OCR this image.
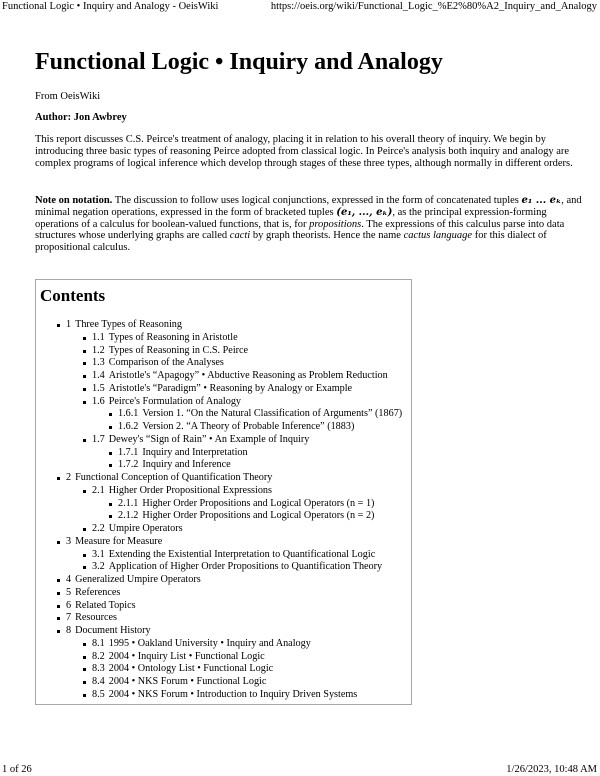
Functional Logic • Inquiry and Analogy - OeisWiki	https://oeis.org/wiki/Functional_Logic_%E2%80%A2_Inquiry_and_Analogy
Functional Logic • Inquiry and Analogy
From OeisWiki
Author: Jon Awbrey

This report discusses C.S. Peirce's treatment of analogy, placing it in relation to his overall theory of inquiry. We begin by introducing three basic types of reasoning Peirce adopted from classical logic. In Peirce's analysis both inquiry and analogy are complex programs of logical inference which develop through stages of these three types, although normally in different orders.

Note on notation. The discussion to follow uses logical conjunctions, expressed in the form of concatenated tuples e₁ ... eₖ, and minimal negation operations, expressed in the form of bracketed tuples (e₁, ..., eₖ), as the principal expression-forming operations of a calculus for boolean-valued functions, that is, for propositions. The expressions of this calculus parse into data structures whose underlying graphs are called cacti by graph theorists. Hence the name cactus language for this dialect of propositional calculus.

Contents
1 Three Types of Reasoning
1.1 Types of Reasoning in Aristotle
1.2 Types of Reasoning in C.S. Peirce
1.3 Comparison of the Analyses
1.4 Aristotle's “Apagogy” • Abductive Reasoning as Problem Reduction
1.5 Aristotle's “Paradigm” • Reasoning by Analogy or Example
1.6 Peirce's Formulation of Analogy
1.6.1 Version 1. “On the Natural Classification of Arguments” (1867)
1.6.2 Version 2. “A Theory of Probable Inference” (1883)
1.7 Dewey's “Sign of Rain” • An Example of Inquiry
1.7.1 Inquiry and Interpretation
1.7.2 Inquiry and Inference
2 Functional Conception of Quantification Theory
2.1 Higher Order Propositional Expressions
2.1.1 Higher Order Propositions and Logical Operators (n = 1)
2.1.2 Higher Order Propositions and Logical Operators (n = 2)
2.2 Umpire Operators
3 Measure for Measure
3.1 Extending the Existential Interpretation to Quantificational Logic
3.2 Application of Higher Order Propositions to Quantification Theory
4 Generalized Umpire Operators
5 References
6 Related Topics
7 Resources
8 Document History
8.1 1995 • Oakland University • Inquiry and Analogy
8.2 2004 • Inquiry List • Functional Logic
8.3 2004 • Ontology List • Functional Logic
8.4 2004 • NKS Forum • Functional Logic
8.5 2004 • NKS Forum • Introduction to Inquiry Driven Systems
1 of 26	1/26/2023, 10:48 AM
